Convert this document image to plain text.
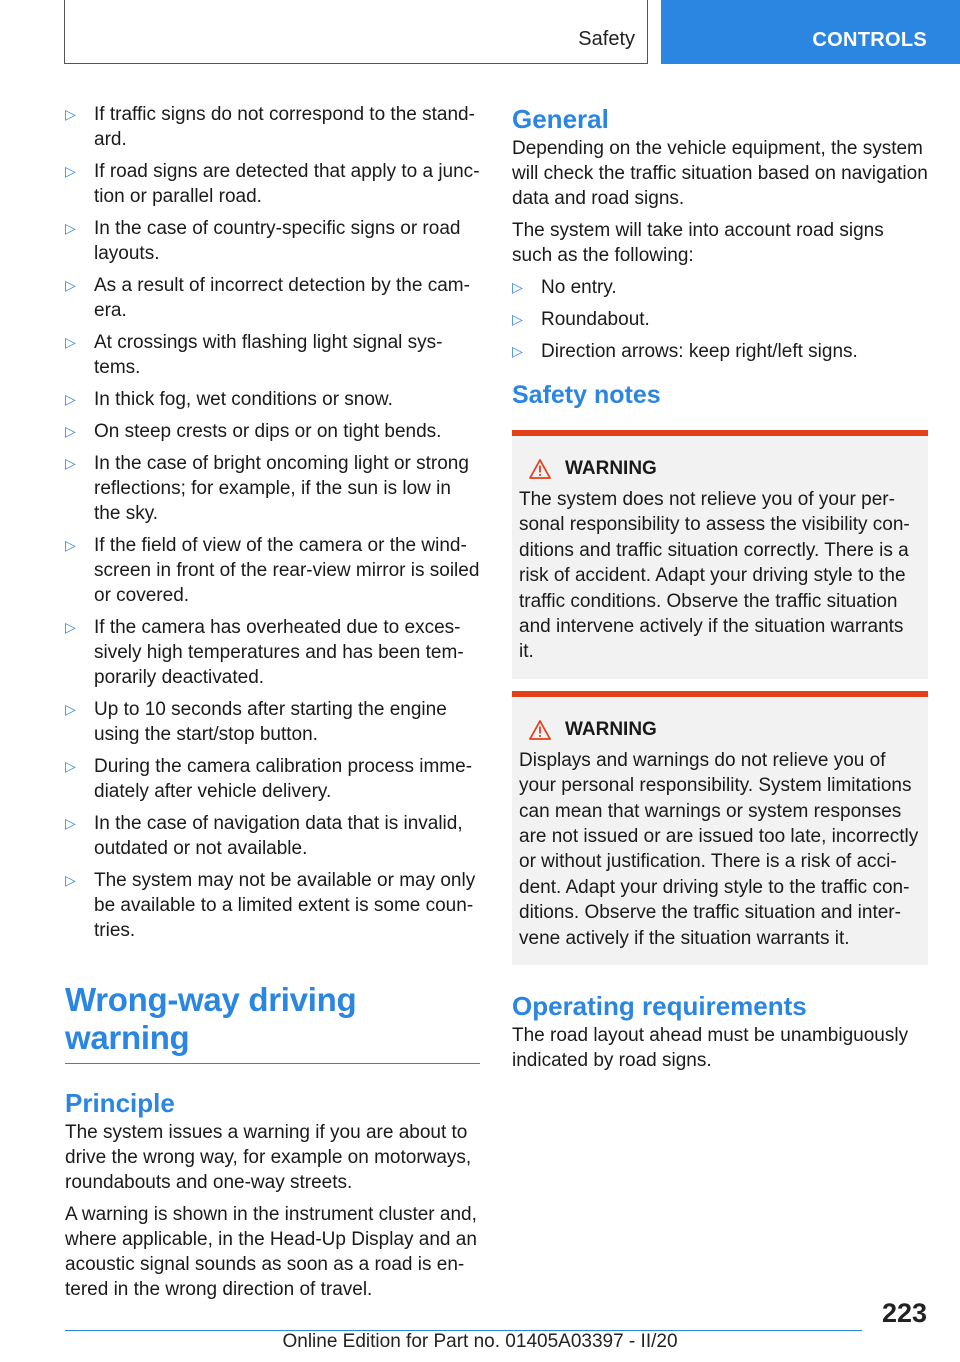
Safety	CONTROLS
▷ If traffic signs do not correspond to the standard.
▷ If road signs are detected that apply to a junction or parallel road.
▷ In the case of country-specific signs or road layouts.
▷ As a result of incorrect detection by the camera.
▷ At crossings with flashing light signal systems.
▷ In thick fog, wet conditions or snow.
▷ On steep crests or dips or on tight bends.
▷ In the case of bright oncoming light or strong reflections; for example, if the sun is low in the sky.
▷ If the field of view of the camera or the windscreen in front of the rear-view mirror is soiled or covered.
▷ If the camera has overheated due to excessively high temperatures and has been temporarily deactivated.
▷ Up to 10 seconds after starting the engine using the start/stop button.
▷ During the camera calibration process immediately after vehicle delivery.
▷ In the case of navigation data that is invalid, outdated or not available.
▷ The system may not be available or may only be available to a limited extent is some countries.
Wrong-way driving warning
Principle

The system issues a warning if you are about to drive the wrong way, for example on motorways, roundabouts and one-way streets.

A warning is shown in the instrument cluster and, where applicable, in the Head-Up Display and an acoustic signal sounds as soon as a road is entered in the wrong direction of travel.

General

Depending on the vehicle equipment, the system will check the traffic situation based on navigation data and road signs.

The system will take into account road signs such as the following:

▷ No entry.
▷ Roundabout.
▷ Direction arrows: keep right/left signs.
Safety notes
WARNING

The system does not relieve you of your personal responsibility to assess the visibility conditions and traffic situation correctly. There is a risk of accident. Adapt your driving style to the traffic conditions. Observe the traffic situation and intervene actively if the situation warrants it.

WARNING

Displays and warnings do not relieve you of your personal responsibility. System limitations can mean that warnings or system responses are not issued or are issued too late, incorrectly or without justification. There is a risk of accident. Adapt your driving style to the traffic conditions. Observe the traffic situation and intervene actively if the situation warrants it.

Operating requirements

The road layout ahead must be unambiguously indicated by road signs.

223
Online Edition for Part no. 01405A03397 - II/20
